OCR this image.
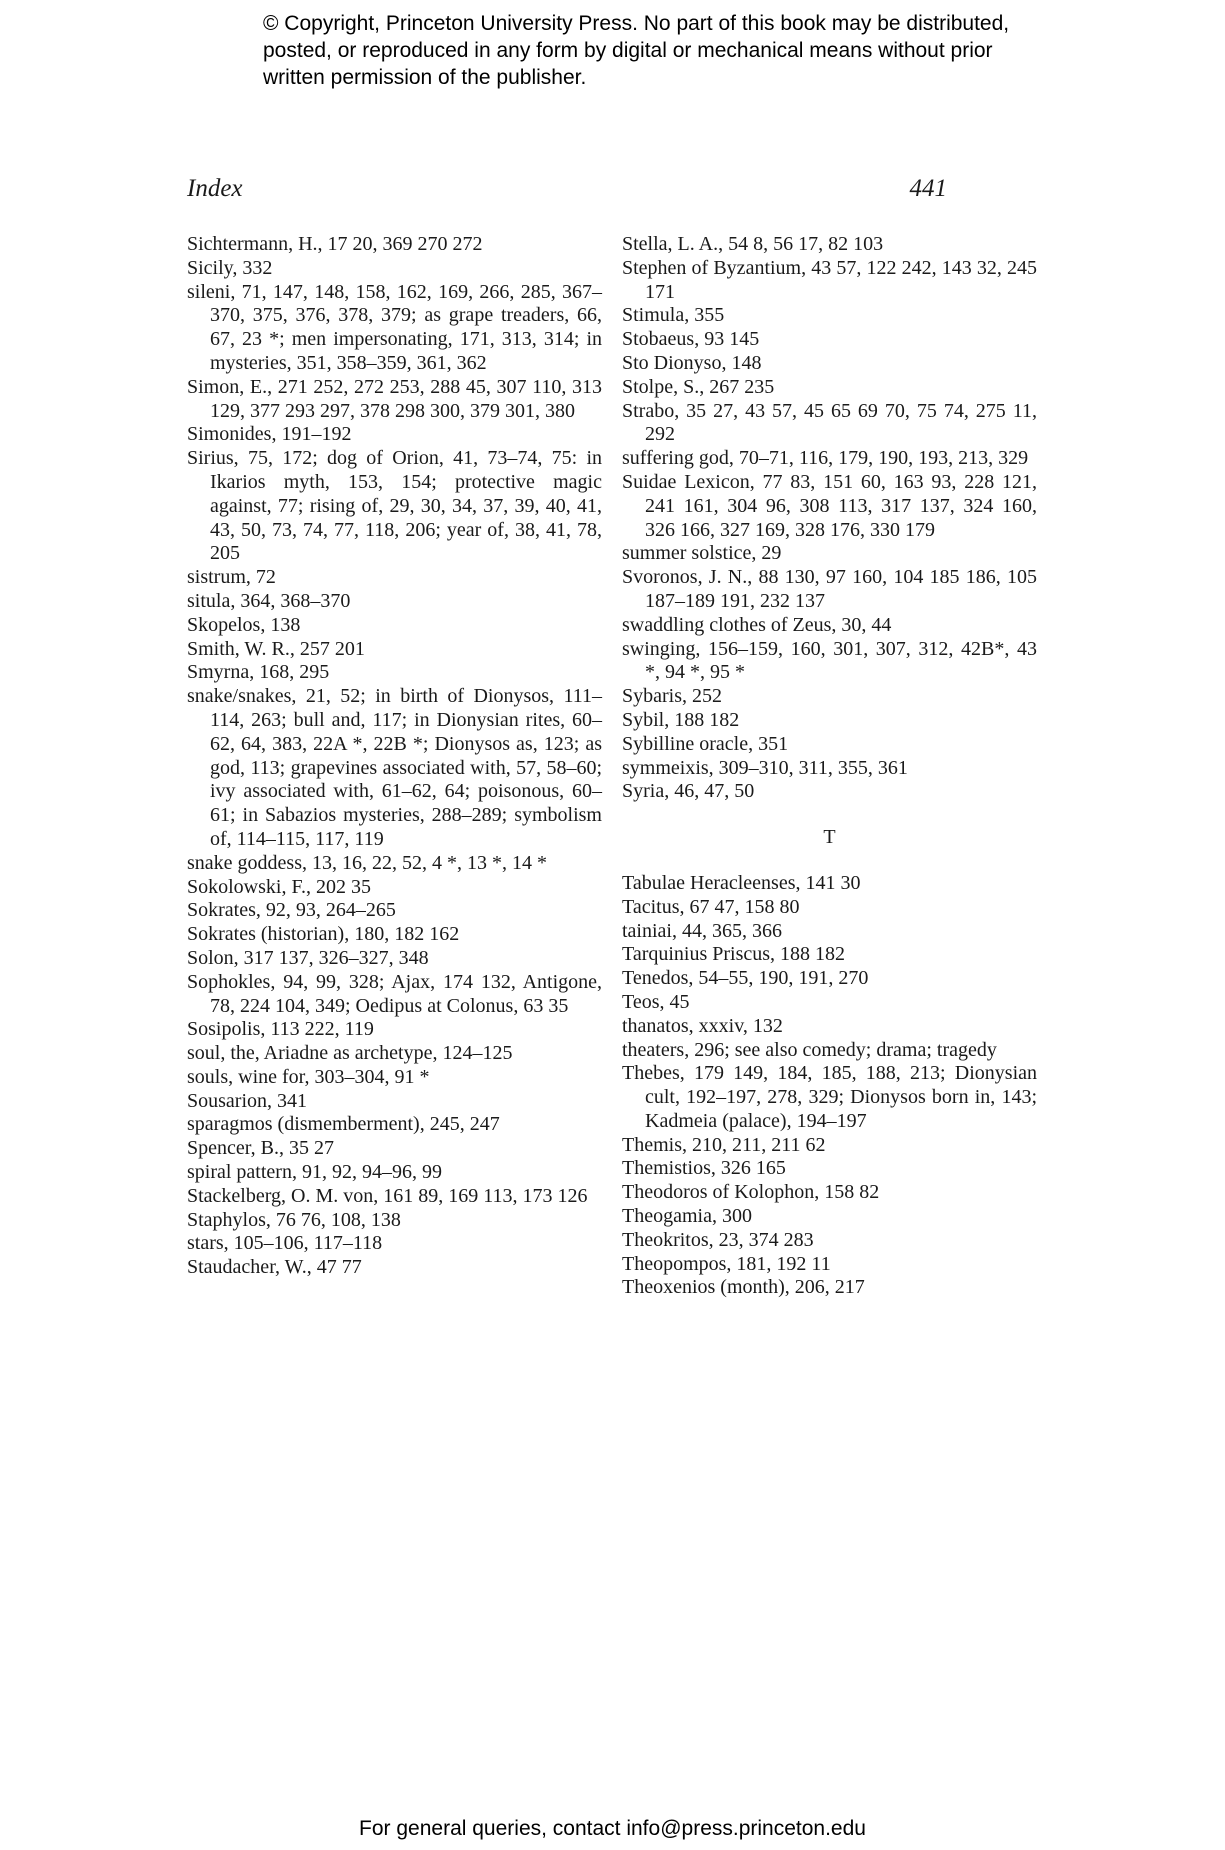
© Copyright, Princeton University Press. No part of this book may be distributed, posted, or reproduced in any form by digital or mechanical means without prior written permission of the publisher.
Index	441
Sichtermann, H., 17 20, 369 270 272
Sicily, 332
sileni, 71, 147, 148, 158, 162, 169, 266, 285, 367–370, 375, 376, 378, 379; as grape treaders, 66, 67, 23 *; men impersonating, 171, 313, 314; in mysteries, 351, 358–359, 361, 362
Simon, E., 271 252, 272 253, 288 45, 307 110, 313 129, 377 293 297, 378 298 300, 379 301, 380
Simonides, 191–192
Sirius, 75, 172; dog of Orion, 41, 73–74, 75: in Ikarios myth, 153, 154; protective magic against, 77; rising of, 29, 30, 34, 37, 39, 40, 41, 43, 50, 73, 74, 77, 118, 206; year of, 38, 41, 78, 205
sistrum, 72
situla, 364, 368–370
Skopelos, 138
Smith, W. R., 257 201
Smyrna, 168, 295
snake/snakes, 21, 52; in birth of Dionysos, 111–114, 263; bull and, 117; in Dionysian rites, 60–62, 64, 383, 22A *, 22B *; Dionysos as, 123; as god, 113; grapevines associated with, 57, 58–60; ivy associated with, 61–62, 64; poisonous, 60–61; in Sabazios mysteries, 288–289; symbolism of, 114–115, 117, 119
snake goddess, 13, 16, 22, 52, 4 *, 13 *, 14 *
Sokolowski, F., 202 35
Sokrates, 92, 93, 264–265
Sokrates (historian), 180, 182 162
Solon, 317 137, 326–327, 348
Sophokles, 94, 99, 328; Ajax, 174 132, Antigone, 78, 224 104, 349; Oedipus at Colonus, 63 35
Sosipolis, 113 222, 119
soul, the, Ariadne as archetype, 124–125
souls, wine for, 303–304, 91 *
Sousarion, 341
sparagmos (dismemberment), 245, 247
Spencer, B., 35 27
spiral pattern, 91, 92, 94–96, 99
Stackelberg, O. M. von, 161 89, 169 113, 173 126
Staphylos, 76 76, 108, 138
stars, 105–106, 117–118
Staudacher, W., 47 77
Stella, L. A., 54 8, 56 17, 82 103
Stephen of Byzantium, 43 57, 122 242, 143 32, 245 171
Stimula, 355
Stobaeus, 93 145
Sto Dionyso, 148
Stolpe, S., 267 235
Strabo, 35 27, 43 57, 45 65 69 70, 75 74, 275 11, 292
suffering god, 70–71, 116, 179, 190, 193, 213, 329
Suidae Lexicon, 77 83, 151 60, 163 93, 228 121, 241 161, 304 96, 308 113, 317 137, 324 160, 326 166, 327 169, 328 176, 330 179
summer solstice, 29
Svoronos, J. N., 88 130, 97 160, 104 185 186, 105 187–189 191, 232 137
swaddling clothes of Zeus, 30, 44
swinging, 156–159, 160, 301, 307, 312, 42B*, 43 *, 94 *, 95 *
Sybaris, 252
Sybil, 188 182
Sybilline oracle, 351
symmeixis, 309–310, 311, 355, 361
Syria, 46, 47, 50
T
Tabulae Heracleenses, 141 30
Tacitus, 67 47, 158 80
tainiai, 44, 365, 366
Tarquinius Priscus, 188 182
Tenedos, 54–55, 190, 191, 270
Teos, 45
thanatos, xxxiv, 132
theaters, 296; see also comedy; drama; tragedy
Thebes, 179 149, 184, 185, 188, 213; Dionysian cult, 192–197, 278, 329; Dionysos born in, 143; Kadmeia (palace), 194–197
Themis, 210, 211, 211 62
Themistios, 326 165
Theodoros of Kolophon, 158 82
Theogamia, 300
Theokritos, 23, 374 283
Theopompos, 181, 192 11
Theoxenios (month), 206, 217
For general queries, contact info@press.princeton.edu
